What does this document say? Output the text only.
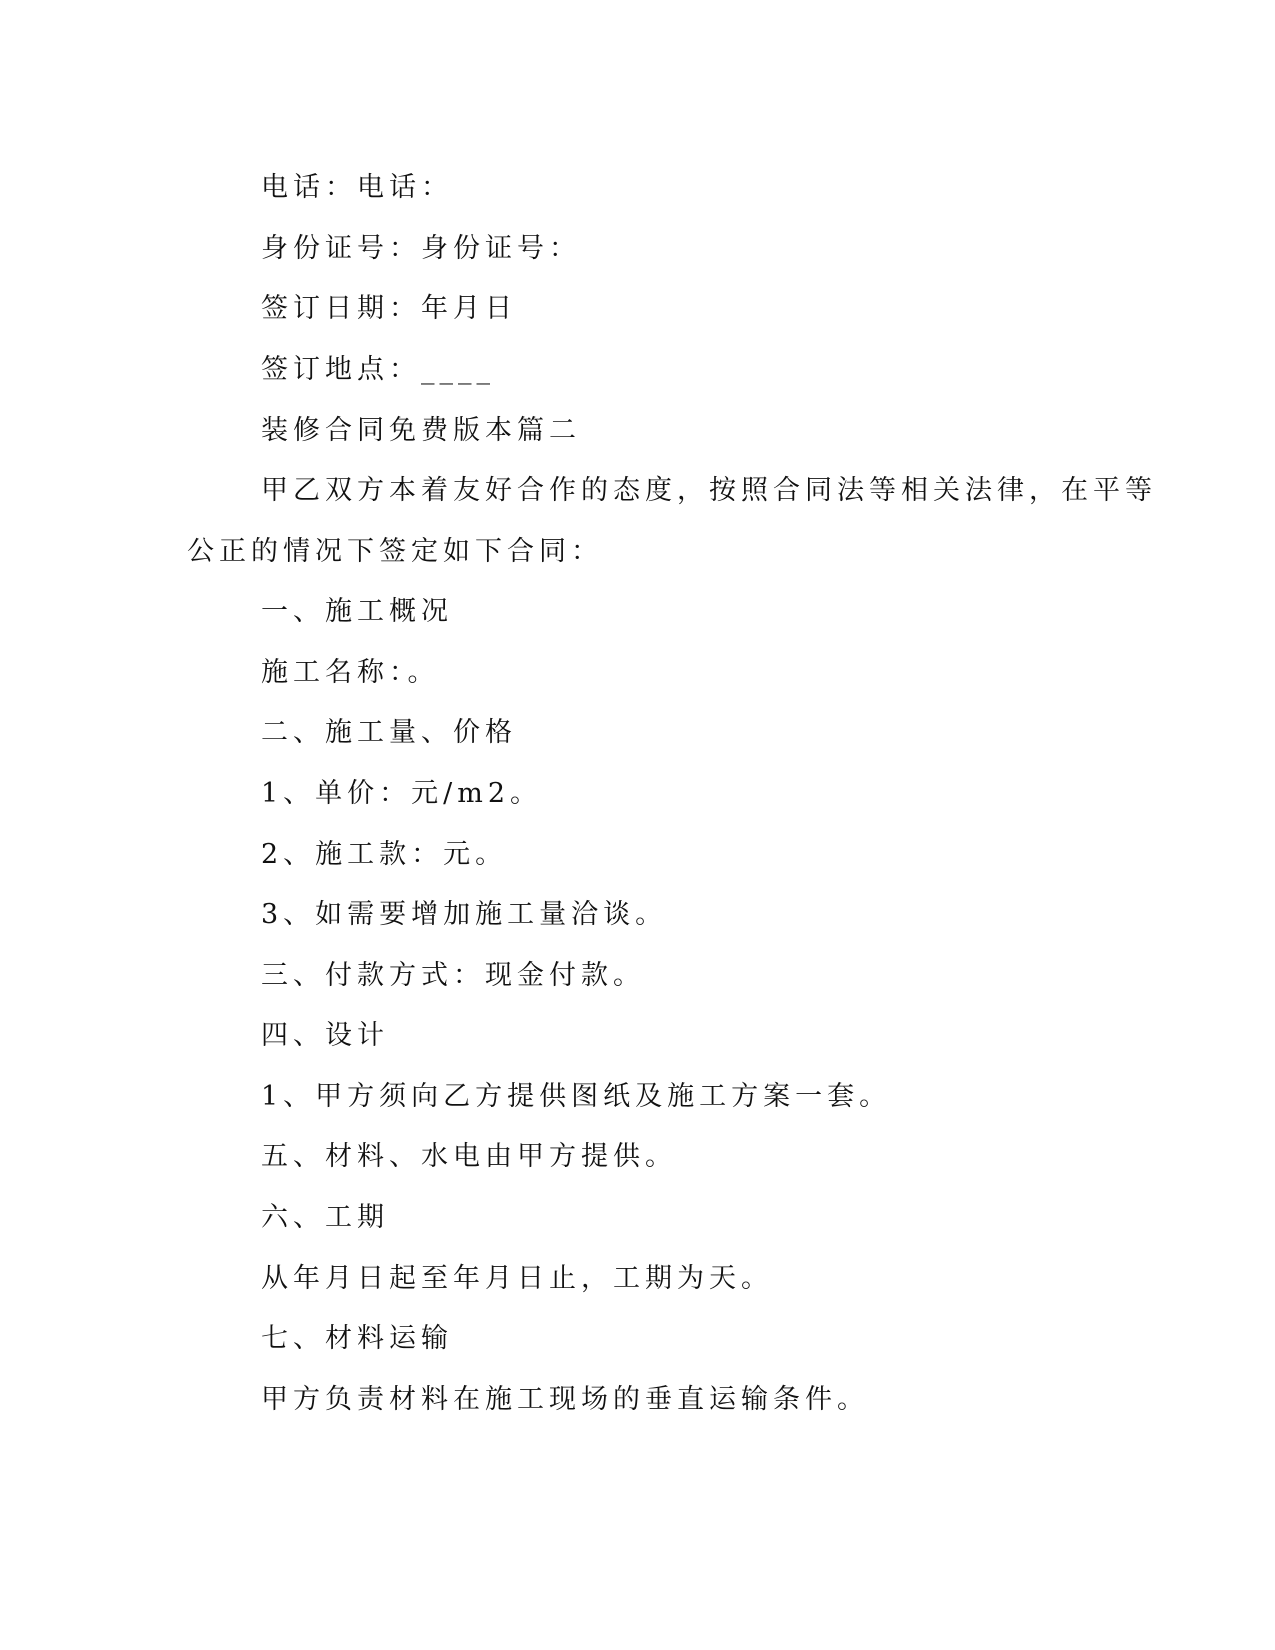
电话：电话：
身份证号：身份证号：
签订日期：年月日
签订地点：____
装修合同免费版本篇二
甲乙双方本着友好合作的态度，按照合同法等相关法律，在平等
公正的情况下签定如下合同：
一、施工概况
施工名称：。
二、施工量、价格
1、单价：元/m2。
2、施工款：元。
3、如需要增加施工量洽谈。
三、付款方式：现金付款。
四、设计
1、甲方须向乙方提供图纸及施工方案一套。
五、材料、水电由甲方提供。
六、工期
从年月日起至年月日止，工期为天。
七、材料运输
甲方负责材料在施工现场的垂直运输条件。
